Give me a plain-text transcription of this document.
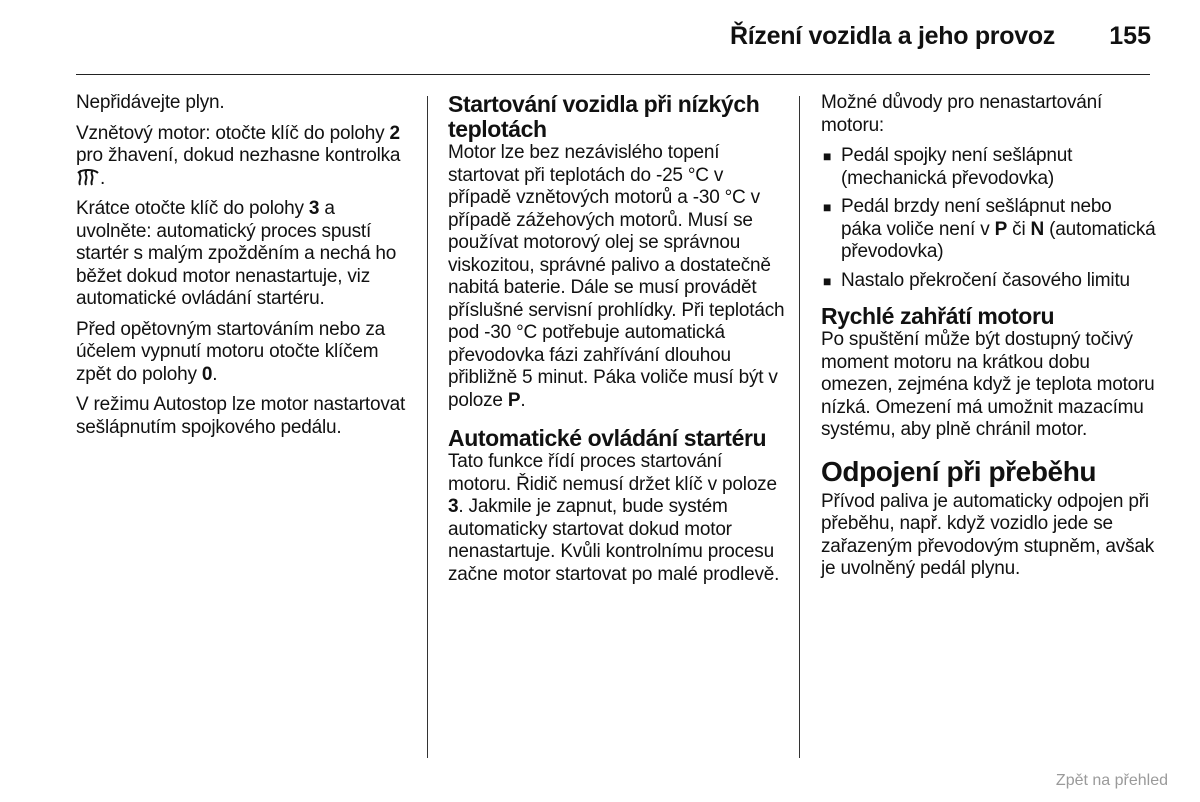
Řízení vozidla a jeho provoz 155

Nepřidávejte plyn.

Vznětový motor: otočte klíč do polohy 2 pro žhavení, dokud nezhasne kontrolka .

Krátce otočte klíč do polohy 3 a uvolněte: automatický proces spustí startér s malým zpožděním a nechá ho běžet dokud motor nenastartuje, viz automatické ovládání startéru.

Před opětovným startováním nebo za účelem vypnutí motoru otočte klíčem zpět do polohy 0.

V režimu Autostop lze motor nastartovat sešlápnutím spojkového pedálu.

Startování vozidla při nízkých teplotách

Motor lze bez nezávislého topení startovat při teplotách do -25 °C v případě vznětových motorů a -30 °C v případě zážehových motorů. Musí se používat motorový olej se správnou viskozitou, správné palivo a dostatečně nabitá baterie. Dále se musí provádět příslušné servisní prohlídky. Při teplotách pod -30 °C potřebuje automatická převodovka fázi zahřívání dlouhou přibližně 5 minut. Páka voliče musí být v poloze P.

Automatické ovládání startéru

Tato funkce řídí proces startování motoru. Řidič nemusí držet klíč v poloze 3. Jakmile je zapnut, bude systém automaticky startovat dokud motor nenastartuje. Kvůli kontrolnímu procesu začne motor startovat po malé prodlevě.

Možné důvody pro nenastartování motoru:

■ Pedál spojky není sešlápnut (mechanická převodovka)
■ Pedál brzdy není sešlápnut nebo páka voliče není v P či N (automatická převodovka)
■ Nastalo překročení časového limitu
Rychlé zahřátí motoru

Po spuštění může být dostupný točivý moment motoru na krátkou dobu omezen, zejména když je teplota motoru nízká. Omezení má umožnit mazacímu systému, aby plně chránil motor.

Odpojení při přeběhu

Přívod paliva je automaticky odpojen při přeběhu, např. když vozidlo jede se zařazeným převodovým stupněm, avšak je uvolněný pedál plynu.

Zpět na přehled
